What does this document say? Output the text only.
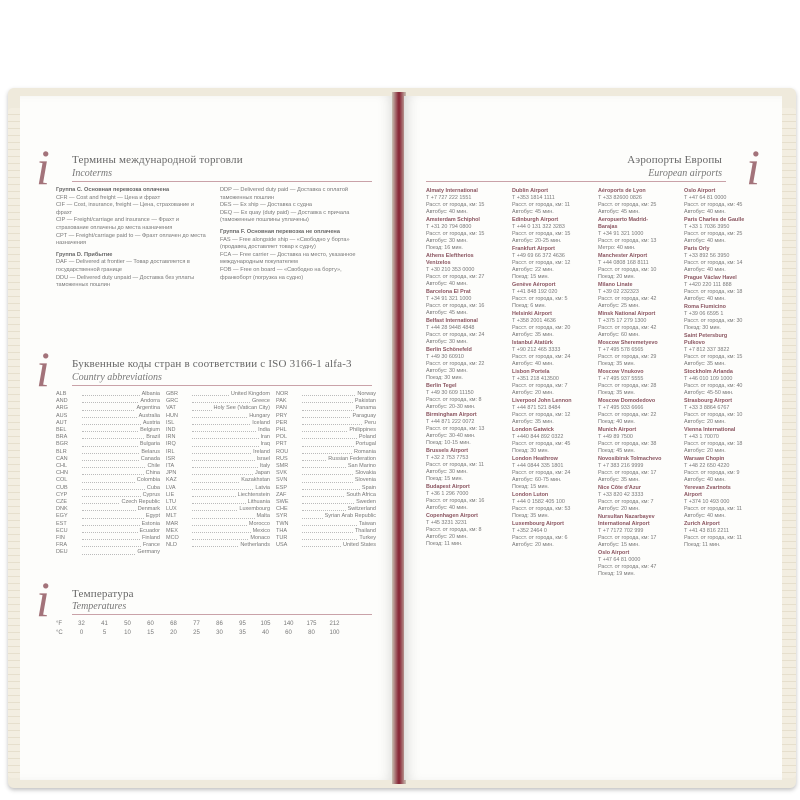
i Термины международной торговли
Incoterms
Группа С. Основная перевозка оплачена
CFR — Cost and freight — Цена и фрахт
CIF — Cost, insurance, freight — Цена, страхование и фрахт
CIP — Freight/carriage and insurance — Фрахт и страхование оплачены до места назначения
CPT — Freight/carriage paid to — Фрахт оплачен до места назначения
Группа D. Прибытие
DAF — Delivered at frontier — Товар доставляется в государственной границе
DDU — Delivered duty unpaid — Доставка без уплаты таможенных пошлин
DDP — Delivered duty paid — Доставка с оплатой таможенных пошлин
DES — Ex ship — Доставка с судна
DEQ — Ex quay (duty paid) — Доставка с причала (таможенные пошлины уплачены)
Группа F. Основная перевозка не оплачена
FAS — Free alongside ship — «Свободно у борта» (продавец доставляет товар к судну)
FCA — Free carrier — Доставка на место, указанное международным покупателем
FOB — Free on board — «Свободно на борту», франкоборт (погрузка на судно)
i Буквенные коды стран в соответствии с ISO 3166-1 alfa-3
Country abbreviations
ALB	Albania
AND	Andorra
ARG	Argentina
AUS	Australia
AUT	Austria
BEL	Belgium
BRA	Brazil
BGR	Bulgaria
BLR	Belarus
CAN	Canada
CHL	Chile
CHN	China
COL	Colombia
CUB	Cuba
CYP	Cyprus
CZE	Czech Republic
DNK	Denmark
EGY	Egypt
EST	Estonia
ECU	Ecuador
FIN	Finland
FRA	France
DEU	Germany
GBR	United Kingdom
GRC	Greece
VAT	Holy See (Vatican City)
HUN	Hungary
ISL	Iceland
IND	India
IRN	Iran
IRQ	Iraq
IRL	Ireland
ISR	Israel
ITA	Italy
JPN	Japan
KAZ	Kazakhstan
LVA	Latvia
LIE	Liechtenstein
LTU	Lithuania
LUX	Luxembourg
MLT	Malta
MAR	Morocco
MEX	Mexico
MCO	Monaco
NLD	Netherlands
NOR	Norway
PAK	Pakistan
PAN	Panama
PRY	Paraguay
PER	Peru
PHL	Philippines
POL	Poland
PRT	Portugal
ROU	Romania
RUS	Russian Federation
SMR	San Marino
SVK	Slovakia
SVN	Slovenia
ESP	Spain
ZAF	South Africa
SWE	Sweden
CHE	Switzerland
SYR	Syrian Arab Republic
TWN	Taiwan
THA	Thailand
TUR	Turkey
USA	United States
i Температура
Temperatures
°F	32	41	50	60	68	77	86	95	105	140	175	212
°C	0	5	10	15	20	25	30	35	40	60	80	100
Аэропорты Европы
European airports i
Almaty International
Т +7 727 222 1551
Расст. от города, км: 15
Автобус: 40 мин.
Amsterdam Schiphol
Т +31 20 794 0800
Расст. от города, км: 15
Автобус: 30 мин.
Поезд: 16 мин.
Athens Eleftherios Venizelos
Т +30 210 353 0000
Расст. от города, км: 27
Автобус: 40 мин.
Barcelona El Prat
Т +34 91 321 1000
Расст. от города, км: 16
Автобус: 45 мин.
Belfast International
Т +44 28 9448 4848
Расст. от города, км: 24
Автобус: 30 мин.
Berlin Schönefeld
Т +49 30 60910
Расст. от города, км: 22
Автобус: 30 мин.
Поезд: 30 мин.
Berlin Tegel
Т +49 30 609 11150
Расст. от города, км: 8
Автобус: 20-30 мин.
Birmingham Airport
Т +44 871 222 0072
Расст. от города, км: 13
Автобус: 30-40 мин.
Поезд: 10-15 мин.
Brussels Airport
Т +32 2 753 7753
Расст. от города, км: 11
Автобус: 30 мин.
Поезд: 15 мин.
Budapest Airport
Т +36 1 296 7000
Расст. от города, км: 16
Автобус: 40 мин.
Copenhagen Airport
Т +45 3231 3231
Расст. от города, км: 8
Автобус: 20 мин.
Поезд: 11 мин.
Dublin Airport
Т +353 1814 1111
Расст. от города, км: 11
Автобус: 45 мин.
Edinburgh Airport
Т +44 0 131 322 3283
Расст. от города, км: 15
Автобус: 20-25 мин.
Frankfurt Airport
Т +49 69 66 372 4636
Расст. от города, км: 12
Автобус: 22 мин.
Поезд: 15 мин.
Genève Aéroport
Т +41 848 192 020
Расст. от города, км: 5
Поезд: 6 мин.
Helsinki Airport
Т +358 2001 4636
Расст. от города, км: 20
Автобус: 35 мин.
Istanbul Atatürk
Т +90 212 465 3333
Расст. от города, км: 24
Автобус: 40 мин.
Lisbon Portela
Т +351 218 413500
Расст. от города, км: 7
Автобус: 20 мин.
Liverpool John Lennon
Т +44 871 521 8484
Расст. от города, км: 12
Автобус: 35 мин.
London Gatwick
Т +440 844 892 0322
Расст. от города, км: 45
Поезд: 30 мин.
London Heathrow
Т +44 0844 335 1801
Расст. от города, км: 24
Автобус: 60-75 мин.
Поезд: 15 мин.
London Luton
Т +44 0 1582 405 100
Расст. от города, км: 53
Поезд: 35 мин.
Luxembourg Airport
Т +352 2464 0
Расст. от города, км: 6
Автобус: 20 мин.
Aéroports de Lyon
Т +33 82600 0826
Расст. от города, км: 25
Автобус: 45 мин.
Aeropuerto Madrid-Barajas
Т +34 91 321 1000
Расст. от города, км: 13
Метро: 40 мин.
Manchester Airport
Т +44 0808 168 8111
Расст. от города, км: 10
Поезд: 20 мин.
Milano Linate
Т +39 02 232323
Расст. от города, км: 42
Автобус: 25 мин.
Minsk National Airport
Т +375 17 279 1300
Расст. от города, км: 42
Автобус: 60 мин.
Moscow Sheremetyevo
Т +7 495 578 6565
Расст. от города, км: 29
Поезд: 35 мин.
Moscow Vnukovo
Т +7 495 937 5555
Расст. от города, км: 28
Поезд: 35 мин.
Moscow Domodedovo
Т +7 495 933 6666
Расст. от города, км: 22
Поезд: 40 мин.
Munich Airport
Т +49 89 7500
Расст. от города, км: 38
Поезд: 45 мин.
Novosibirsk Tolmachevo
Т +7 383 216 9999
Расст. от города, км: 17
Автобус: 35 мин.
Nice Côte d'Azur
Т +33 820 42 3333
Расст. от города, км: 7
Автобус: 20 мин.
Nursultan Nazarbayev International Airport
Т +7 7172 702 999
Расст. от города, км: 17
Автобус: 15 мин.
Oslo Airport
Т +47 64 81 0000
Расст. от города, км: 47
Поезд: 19 мин.
Oslo Airport
Т +47 64 81 0000
Расст. от города, км: 45
Автобус: 40 мин.
Paris Charles de Gaulle
Т +33 1 7036 3950
Расст. от города, км: 25
Автобус: 40 мин.
Paris Orly
Т +33 892 56 3950
Расст. от города, км: 14
Автобус: 40 мин.
Prague Václav Havel
Т +420 220 111 888
Расст. от города, км: 18
Автобус: 40 мин.
Roma Fiumicino
Т +39 06 6595 1
Расст. от города, км: 30
Поезд: 30 мин.
Saint Petersburg Pulkovo
Т +7 812 337 3822
Расст. от города, км: 15
Автобус: 35 мин.
Stockholm Arlanda
Т +46 010 109 1000
Расст. от города, км: 40
Автобус: 45-50 мин.
Strasbourg Airport
Т +33 3 8864 6767
Расст. от города, км: 10
Автобус: 20 мин.
Vienna International
Т +43 1 70070
Расст. от города, км: 18
Автобус: 20 мин.
Warsaw Chopin
Т +48 22 650 4220
Расст. от города, км: 9
Автобус: 40 мин.
Yerevan Zvartnots Airport
Т +374 10 493 000
Расст. от города, км: 11
Автобус: 40 мин.
Zurich Airport
Т +41 43 816 2211
Расст. от города, км: 11
Поезд: 11 мин.
